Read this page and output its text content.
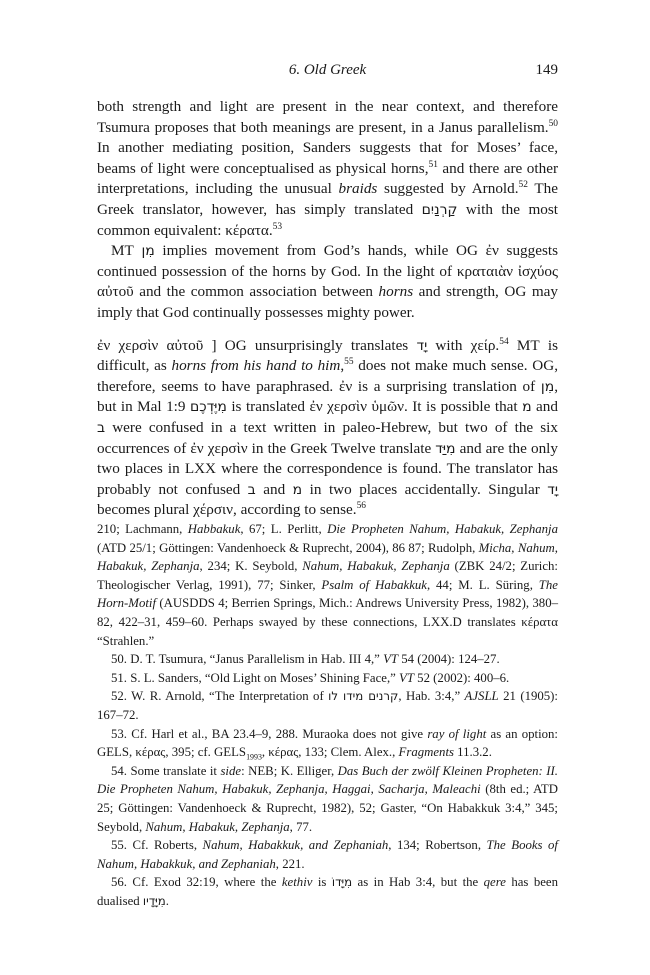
6. Old Greek	149

both strength and light are present in the near context, and therefore Tsumura proposes that both meanings are present, in a Janus parallelism.$^{50}$ In another mediating position, Sanders suggests that for Moses’ face, beams of light were conceptualised as physical horns,$^{51}$ and there are other interpretations, including the unusual braids suggested by Arnold.$^{52}$ The Greek translator, however, has simply translated קַרְנַיִם with the most common equivalent: κέρατα.$^{53}$

MT מִן implies movement from God’s hands, while OG ἐν suggests continued possession of the horns by God. In the light of κραταιὰν ἰσχύος αὐτοῦ and the common association between horns and strength, OG may imply that God continually possesses mighty power.

ἐν χερσὶν αὐτοῦ ] OG unsurprisingly translates יָד with χείρ.$^{54}$ MT is difficult, as horns from his hand to him,$^{55}$ does not make much sense. OG, therefore, seems to have paraphrased. ἐν is a surprising translation of מִן, but in Mal 1:9 מִיֶּדְכֶם is translated ἐν χερσὶν ὑμῶν. It is possible that מ and ב were confused in a text written in paleo-Hebrew, but two of the six occurrences of ἐν χερσὶν in the Greek Twelve translate מִיַּד and are the only two places in LXX where the correspondence is found. The translator has probably not confused ב and מ in two places accidentally. Singular יָד becomes plural χέρσιν, according to sense.$^{56}$

210; Lachmann, Habbakuk, 67; L. Perlitt, Die Propheten Nahum, Habakuk, Zephanja (ATD 25/1; Göttingen: Vandenhoeck & Ruprecht, 2004), 86 87; Rudolph, Micha, Nahum, Habakuk, Zephanja, 234; K. Seybold, Nahum, Habakuk, Zephanja (ZBK 24/2; Zurich: Theologischer Verlag, 1991), 77; Sinker, Psalm of Habakkuk, 44; M. L. Süring, The Horn-Motif (AUSDDS 4; Berrien Springs, Mich.: Andrews University Press, 1982), 380–82, 422–31, 459–60. Perhaps swayed by these connections, LXX.D translates κέρατα “Strahlen.”

50. D. T. Tsumura, “Janus Parallelism in Hab. III 4,” VT 54 (2004): 124–27.

51. S. L. Sanders, “Old Light on Moses’ Shining Face,” VT 52 (2002): 400–6.

52. W. R. Arnold, “The Interpretation of קרנים מידו לו, Hab. 3:4,” AJSLL 21 (1905): 167–72.

53. Cf. Harl et al., BA 23.4–9, 288. Muraoka does not give ray of light as an option: GELS, κέρας, 395; cf. $GELS_{1993}$, κέρας, 133; Clem. Alex., Fragments 11.3.2.

54. Some translate it side: NEB; K. Elliger, Das Buch der zwölf Kleinen Propheten: II. Die Propheten Nahum, Habakuk, Zephanja, Haggai, Sacharja, Maleachi (8th ed.; ATD 25; Göttingen: Vandenhoeck & Ruprecht, 1982), 52; Gaster, “On Habakkuk 3:4,” 345; Seybold, Nahum, Habakuk, Zephanja, 77.

55. Cf. Roberts, Nahum, Habakkuk, and Zephaniah, 134; Robertson, The Books of Nahum, Habakkuk, and Zephaniah, 221.

56. Cf. Exod 32:19, where the kethiv is מִיָּדוֹ as in Hab 3:4, but the qere has been dualised מִיָּדָיו.
